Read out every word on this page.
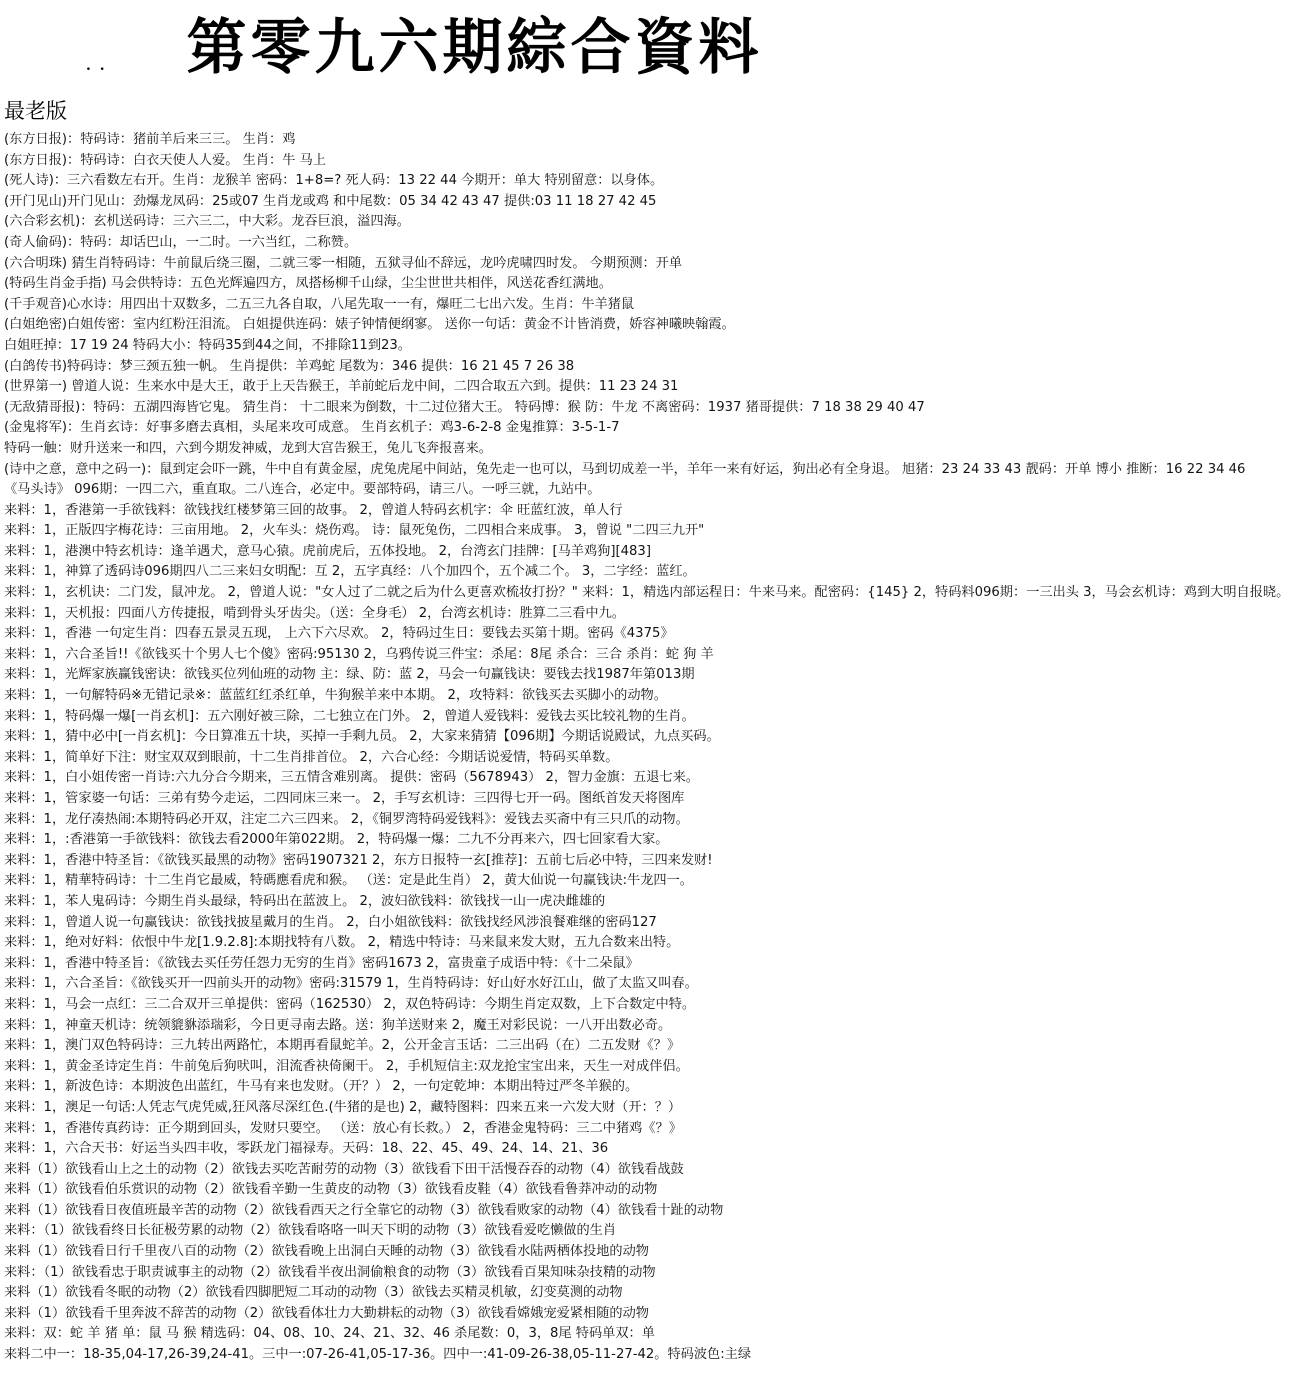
. . 第零九六期綜合資料
最老版
(东方日报)：特码诗：猪前羊后来三三。 生肖：鸡
(东方日报)：特码诗：白衣天使人人爱。 生肖：牛 马上
(死人诗)：三六看数左右开。生肖：龙猴羊 密码：1+8=? 死人码：13 22 44 今期开：单大 特别留意：以身体。
(开门见山)开门见山：劲爆龙凤码：25或07 生肖龙或鸡 和中尾数：05 34 42 43 47 提供:03 11 18 27 42 45
(六合彩玄机)：玄机送码诗：三六三二，中大彩。龙吞巨浪，溢四海。
(奇人偷码)：特码：却话巴山，一二时。一六当红，二称赞。
(六合明珠) 猜生肖特码诗：牛前鼠后绕三圈，二就三零一相随，五狱寻仙不辞远，龙吟虎啸四时发。 今期预测：开单
(特码生肖金手指) 马会供特诗：五色光辉遍四方，凤搭杨柳千山绿，尘尘世世共相伴，风送花香红满地。
(千手观音)心水诗：用四出十双数多，二五三九各自取，八尾先取一一有，爆旺二七出六发。生肖：牛羊猪鼠
(白姐绝密)白姐传密：室内红粉汪泪流。 白姐提供连码：婊子钟情便纲寥。 送你一句话：黄金不计皆消费，娇容神曦映翰霞。
白姐旺掉：17 19 24 特码大小：特码35到44之间，不排除11到23。
(白鸽传书)特码诗：梦三颈五独一帆。 生肖提供：羊鸡蛇 尾数为：346 提供：16 21 45 7 26 38
(世界第一) 曾道人说：生来水中是大王，敢于上天告猴王，羊前蛇后龙中间，二四合取五六到。提供：11 23 24 31
(无敌猜哥报)：特码：五湖四海皆它鬼。 猜生肖： 十二眼来为倒数，十二过位猪大王。 特码博：猴 防：牛龙 不离密码：1937 猪哥提供：7 18 38 29 40 47
(金鬼将军)：生肖玄诗：好事多磨去真相，头尾来攻可成意。 生肖玄机子：鸡3-6-2-8 金鬼推算：3-5-1-7
特码一触：财升送来一和四，六到今期发神威，龙到大宫告猴王，兔儿飞奔报喜来。
(诗中之意，意中之码一)：鼠到定会吓一跳，牛中自有黄金屋，虎兔虎尾中间站，兔先走一也可以，马到切成差一半，羊年一来有好运，狗出必有全身退。 旭猪：23 24 33 43 靓码：开单 博小 推断：16 22 34 46
《马头诗》 096期：一四二六，重直取。二八连合，必定中。要部特码，请三八。一呼三就，九站中。
来料：1，香港第一手欲钱料：欲钱找红楼梦第三回的故事。 2，曾道人特码玄机字：伞 旺蓝红波，单人行
来料：1，正版四字梅花诗：三亩用地。 2，火车头：烧伤鸡。 诗：鼠死兔伤，二四相合来成事。 3，曾说 "二四三九开"
来料：1，港澳中特玄机诗：逢羊遇犬，意马心猿。虎前虎后，五体投地。 2，台湾玄门挂牌：[马羊鸡狗][483]
来料：1，神算了透码诗096期四八二三来妇女明配：互 2，五字真经：八个加四个，五个减二个。 3，二字经：蓝红。
来料：1，玄机诀：二门发，鼠冲龙。 2，曾道人说："女人过了二就之后为什么更喜欢梳妆打扮？" 来料：1，精选内部运程日：牛来马来。配密码：{145} 2，特码料096期：一三出头 3，马会玄机诗：鸡到大明自报晓。
来料：1，天机报：四面八方传捷报，啃到骨头牙齿尖。（送：全身毛） 2，台湾玄机诗：胜算二三看中九。
来料：1，香港 一句定生肖：四春五景灵五现， 上六下六尽欢。 2，特码过生日：要钱去买第十期。密码《4375》
来料：1，六合圣旨!!《欲钱买十个男人七个傻》密码:95130 2，乌鸦传说三件宝：杀尾：8尾 杀合：三合 杀肖：蛇 狗 羊
来料：1，光辉家族赢钱密诀：欲钱买位列仙班的动物 主：绿、防：蓝 2，马会一句赢钱诀：要钱去找1987年第013期
来料：1，一句解特码※无错记录※：蓝蓝红红杀红单，牛狗猴羊来中本期。 2，攻特料：欲钱买去买脚小的动物。
来料：1，特码爆一爆[一肖玄机]：五六刚好被三除，二七独立在门外。 2，曾道人爱钱料：爱钱去买比较礼物的生肖。
来料：1，猜中必中[一肖玄机]：今日算准五十块，买掉一手剩九员。 2，大家来猜猜【096期】今期话说殿试，九点买码。
来料：1，简单好下注：财宝双双到眼前，十二生肖排首位。 2，六合心经：今期话说爱情，特码买单数。
来料：1，白小姐传密一肖诗:六九分合今期来，三五情含难别离。 提供：密码（5678943） 2，智力金旗：五退七来。
来料：1，管家婆一句话：三弟有势今走运，二四同床三来一。 2，手写玄机诗：三四得七开一码。图纸首发天将图库
来料：1，龙仔凑热闹:本期特码必开双，注定二六三四来。 2，《铜罗湾特码爱钱料》：爱钱去买斋中有三只爪的动物。
来料：1，:香港第一手欲钱料：欲钱去看2000年第022期。 2，特码爆一爆：二九不分再来六，四七回家看大家。
来料：1，香港中特圣旨：《欲钱买最黑的动物》密码1907321 2，东方日报特一玄[推荐]：五前七后必中特，三四来发财!
来料：1，精華特码诗：十二生肖它最威，特碼應看虎和猴。 （送：定是此生肖） 2，黄大仙说一句赢钱诀:牛龙四一。
来料：1，苯人鬼码诗：今期生肖头最绿，特码出在蓝波上。 2，波妇欲钱料：欲钱找一山一虎决雌雄的
来料：1，曾道人说一句赢钱诀：欲钱找披星戴月的生肖。 2，白小姐欲钱料：欲钱找经风涉浪餐难继的密码127
来料：1，绝对好料：依恨中牛龙[1.9.2.8]:本期找特有八数。 2，精选中特诗：马来鼠来发大财，五九合数来出特。
来料：1，香港中特圣旨：《欲钱去买任劳任怨力无穷的生肖》密码1673 2，富贵童子成语中特：《十二朵鼠》
来料：1，六合圣旨：《欲钱买开一四前头开的动物》密码:31579 1，生肖特码诗：好山好水好江山，做了太监又叫春。
来料：1，马会一点红：三二合双开三单提供：密码（162530） 2，双色特码诗：今期生肖定双数，上下合数定中特。
来料：1，神童天机诗：统领貔貅添瑞彩，今日更寻南去路。送：狗羊送财来 2，魔王对彩民说：一八开出数必奇。
来料：1，澳门双色特码诗：三九转出两路忙，本期再看鼠蛇羊。2，公开金言玉话：二三出码（在）二五发财《？》
来料：1，黄金圣诗定生肖：牛前兔后狗吠叫，泪流香袂倚阑干。 2，手机短信主:双龙抢宝宝出来，天生一对成伴侣。
来料：1，新波色诗：本期波色出蓝红，牛马有来也发财。（开？） 2，一句定乾坤：本期出特过严冬羊猴的。
来料：1，澳足一句话:人凭志气虎凭威,狂风落尽深红色.(牛猪的是也) 2，藏特图料：四来五来一六发大财（开：？）
来料：1，香港传真药诗：正今期到回头，发财只要空。 （送：放心有长救。） 2，香港金鬼特码：三二中猪鸡《？》
来料：1，六合天书：好运当头四丰收，零跃龙门福禄寿。天码：18、22、45、49、24、14、21、36
来料（1）欲钱看山上之土的动物（2）欲钱去买吃苦耐劳的动物（3）欲钱看下田干活慢吞吞的动物（4）欲钱看战鼓
来料（1）欲钱看伯乐赏识的动物（2）欲钱看辛勤一生黄皮的动物（3）欲钱看皮鞋（4）欲钱看鲁莽冲动的动物
来料（1）欲钱看日夜值班最辛苦的动物（2）欲钱看西天之行全靠它的动物（3）欲钱看败家的动物（4）欲钱看十趾的动物
来料：（1）欲钱看终日长征极劳累的动物（2）欲钱看咯咯一叫天下明的动物（3）欲钱看爱吃懒做的生肖
来料（1）欲钱看日行千里夜八百的动物（2）欲钱看晚上出洞白天睡的动物（3）欲钱看水陆两栖体投地的动物
来料：（1）欲钱看忠于职责诚事主的动物（2）欲钱看半夜出洞偷粮食的动物（3）欲钱看百果知味杂技精的动物
来料（1）欲钱看冬眠的动物（2）欲钱看四脚肥短二耳动的动物（3）欲钱去买精灵机敏，幻变莫测的动物
来料（1）欲钱看千里奔波不辞苦的动物（2）欲钱看体壮力大勤耕耘的动物（3）欲钱看嫦娥宠爱紧相随的动物
来料：双：蛇 羊 猪 单：鼠 马 猴 精选码：04、08、10、24、21、32、46 杀尾数：0，3，8尾 特码单双：单
来料二中一：18-35,04-17,26-39,24-41。三中一:07-26-41,05-17-36。四中一:41-09-26-38,05-11-27-42。特码波色:主绿
